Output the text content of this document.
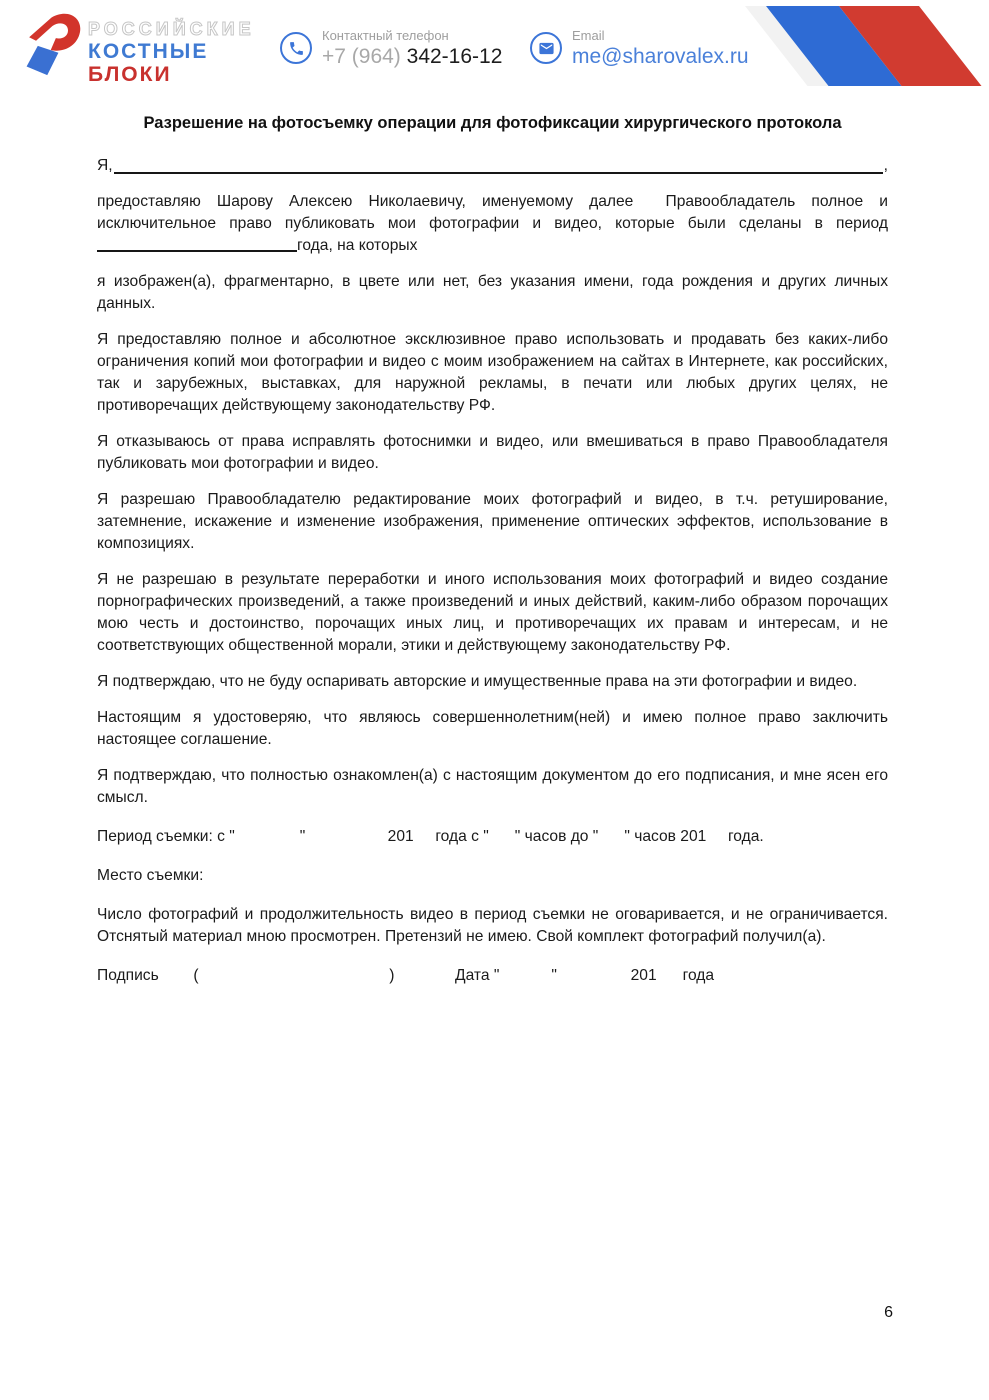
РОССИЙСКИЕ
КОСТНЫЕ
БЛОКИ
Контактный телефон
+7 (964) 342-16-12
Email
me@sharovalex.ru
Разрешение на фотосъемку операции для фотофиксации хирургического протокола
Я,	,

предоставляю Шарову Алексею Николаевичу, именуемому далее  Правообладатель полное и исключительное право публиковать мои фотографии и видео, которые были сделаны в период года, на которых

я изображен(а), фрагментарно, в цвете или нет, без указания имени, года рождения и других личных данных.

Я предоставляю полное и абсолютное эксклюзивное право использовать и продавать без каких-либо ограничения копий мои фотографии и видео с моим изображением на сайтах в Интернете, как российских, так и зарубежных, выставках, для наружной рекламы, в печати или любых других целях, не противоречащих действующему законодательству РФ.

Я отказываюсь от права исправлять фотоснимки и видео, или вмешиваться в право Правообладателя публиковать мои фотографии и видео.

Я разрешаю Правообладателю редактирование моих фотографий и видео, в т.ч. ретуширование, затемнение, искажение и изменение изображения, применение оптических эффектов, использование в композициях.

Я не разрешаю в результате переработки и иного использования моих фотографий и видео создание порнографических произведений, а также произведений и иных действий, каким-либо образом порочащих мою честь и достоинство, порочащих иных лиц, и противоречащих их правам и интересам, и не соответствующих общественной морали, этики и действующему законодательству РФ.

Я подтверждаю, что не буду оспаривать авторские и имущественные права на эти фотографии и видео.

Настоящим я удостоверяю, что являюсь совершеннолетним(ней) и имею полное право заключить настоящее соглашение.

Я подтверждаю, что полностью ознакомлен(а) с настоящим документом до его подписания, и мне ясен его смысл.

Период съемки: с "               "                   201     года с "      " часов до "      " часов 201     года.

Место съемки:

Число фотографий и продолжительность видео в период съемки не оговаривается, и не ограничивается. Отснятый материал мною просмотрен. Претензий не имею. Свой комплект фотографий получил(а).

Подпись        (                                            )              Дата "            "                 201      года

6
